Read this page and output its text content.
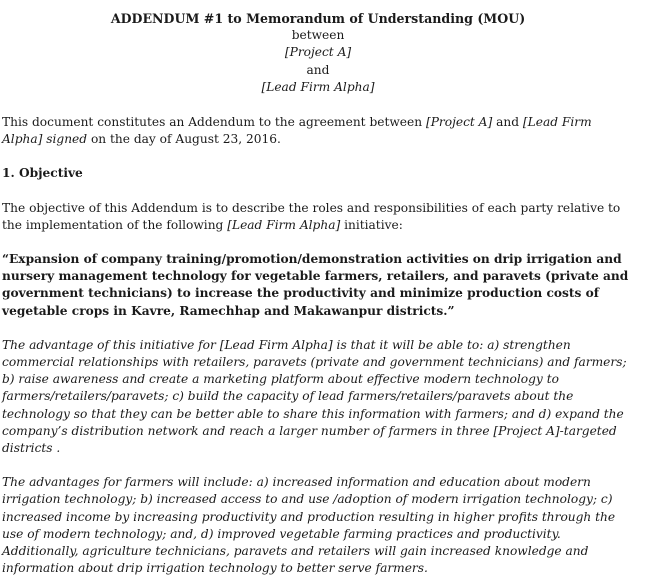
ADDENDUM #1 to Memorandum of Understanding (MOU)
between
[Project A]
and
[Lead Firm Alpha]

This document constitutes an Addendum to the agreement between [Project A] and [Lead Firm Alpha] signed on the day of August 23, 2016.

1. Objective

The objective of this Addendum is to describe the roles and responsibilities of each party relative to the implementation of the following [Lead Firm Alpha] initiative:

“Expansion of company training/promotion/demonstration activities on drip irrigation and nursery management technology for vegetable farmers, retailers, and paravets (private and government technicians) to increase the productivity and minimize production costs of vegetable crops in Kavre, Ramechhap and Makawanpur districts.”

The advantage of this initiative for [Lead Firm Alpha] is that it will be able to: a) strengthen commercial relationships with retailers, paravets (private and government technicians) and farmers; b) raise awareness and create a marketing platform about effective modern technology to farmers/retailers/paravets; c) build the capacity of lead farmers/retailers/paravets about the technology so that they can be better able to share this information with farmers; and d) expand the company’s distribution network and reach a larger number of farmers in three [Project A]-targeted districts .

The advantages for farmers will include: a) increased information and education about modern irrigation technology; b) increased access to and use /adoption of modern irrigation technology; c) increased income by increasing productivity and production resulting in higher profits through the use of modern technology; and, d) improved vegetable farming practices and productivity. Additionally, agriculture technicians, paravets and retailers will gain increased knowledge and information about drip irrigation technology to better serve farmers.
